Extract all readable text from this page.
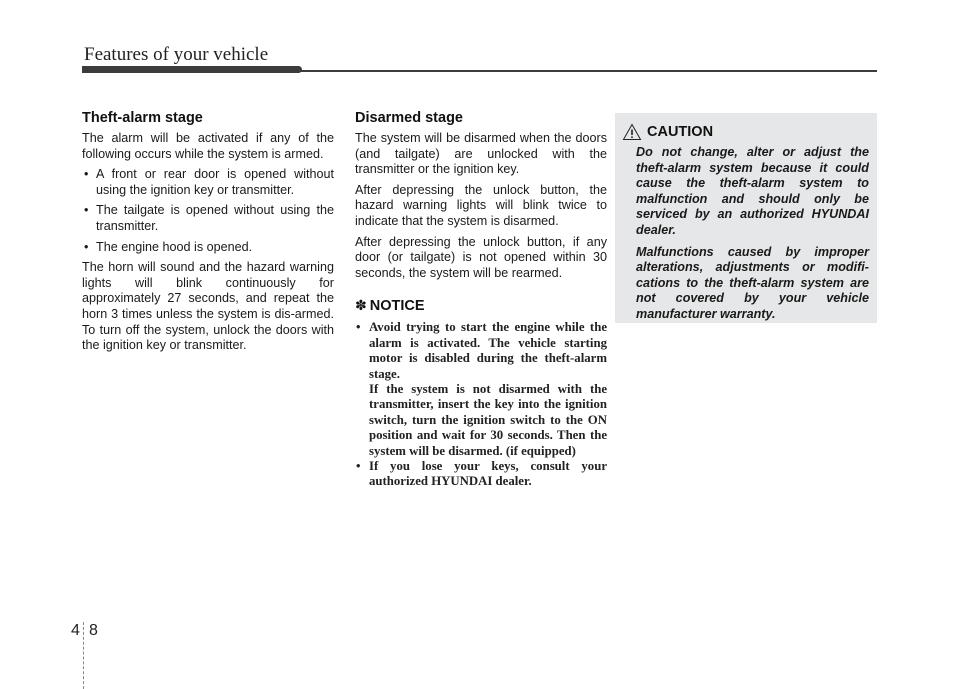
Features of your vehicle
Theft-alarm stage

The alarm will be activated if any of the following occurs while the system is armed.

• A front or rear door is opened without using the ignition key or transmitter.
• The tailgate is opened without using the transmitter.
• The engine hood is opened.

The horn will sound and the hazard warning lights will blink continuously for approximately 27 seconds, and repeat the horn 3 times unless the system is dis-armed. To turn off the system, unlock the doors with the ignition key or transmitter.

Disarmed stage

The system will be disarmed when the doors (and tailgate) are unlocked with the transmitter or the ignition key.

After depressing the unlock button, the hazard warning lights will blink twice to indicate that the system is disarmed.

After depressing the unlock button, if any door (or tailgate) is not opened within 30 seconds, the system will be rearmed.

✽ NOTICE
• Avoid trying to start the engine while the alarm is activated. The vehicle starting motor is disabled during the theft-alarm stage.
If the system is not disarmed with the transmitter, insert the key into the ignition switch, turn the ignition switch to the ON position and wait for 30 seconds. Then the system will be disarmed. (if equipped)
• If you lose your keys, consult your authorized HYUNDAI dealer.
CAUTION

Do not change, alter or adjust the theft-alarm system because it could cause the theft-alarm system to malfunction and should only be serviced by an authorized HYUNDAI dealer.

Malfunctions caused by improper alterations, adjustments or modifi-cations to the theft-alarm system are not covered by your vehicle manufacturer warranty.

4 8
